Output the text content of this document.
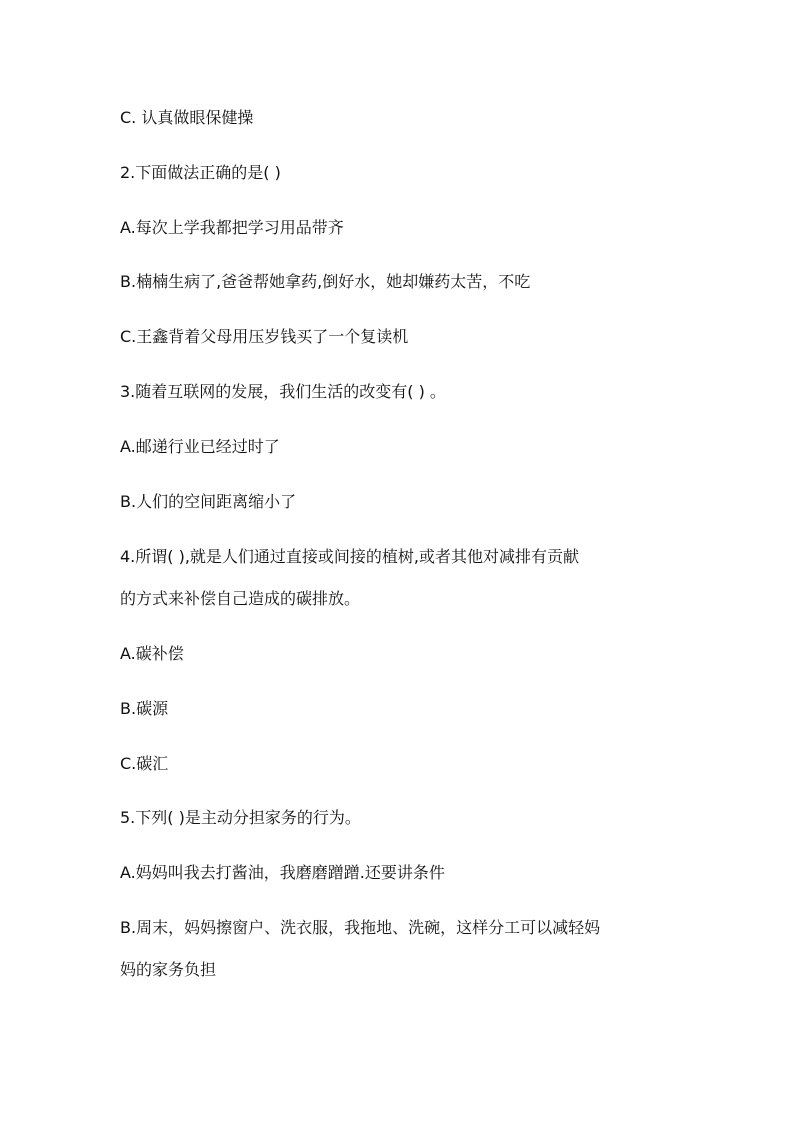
C. 认真做眼保健操

2.下面做法正确的是( )

A.每次上学我都把学习用品带齐

B.楠楠生病了,爸爸帮她拿药,倒好水，她却嫌药太苦，不吃

C.王鑫背着父母用压岁钱买了一个复读机

3.随着互联网的发展，我们生活的改变有( ) 。

A.邮递行业已经过时了

B.人们的空间距离缩小了

4.所谓( ),就是人们通过直接或间接的植树,或者其他对减排有贡献

的方式来补偿自己造成的碳排放。

A.碳补偿

B.碳源

C.碳汇

5.下列( )是主动分担家务的行为。

A.妈妈叫我去打酱油，我磨磨蹭蹭.还要讲条件

B.周末，妈妈擦窗户、洗衣服，我拖地、洗碗，这样分工可以减轻妈

妈的家务负担
